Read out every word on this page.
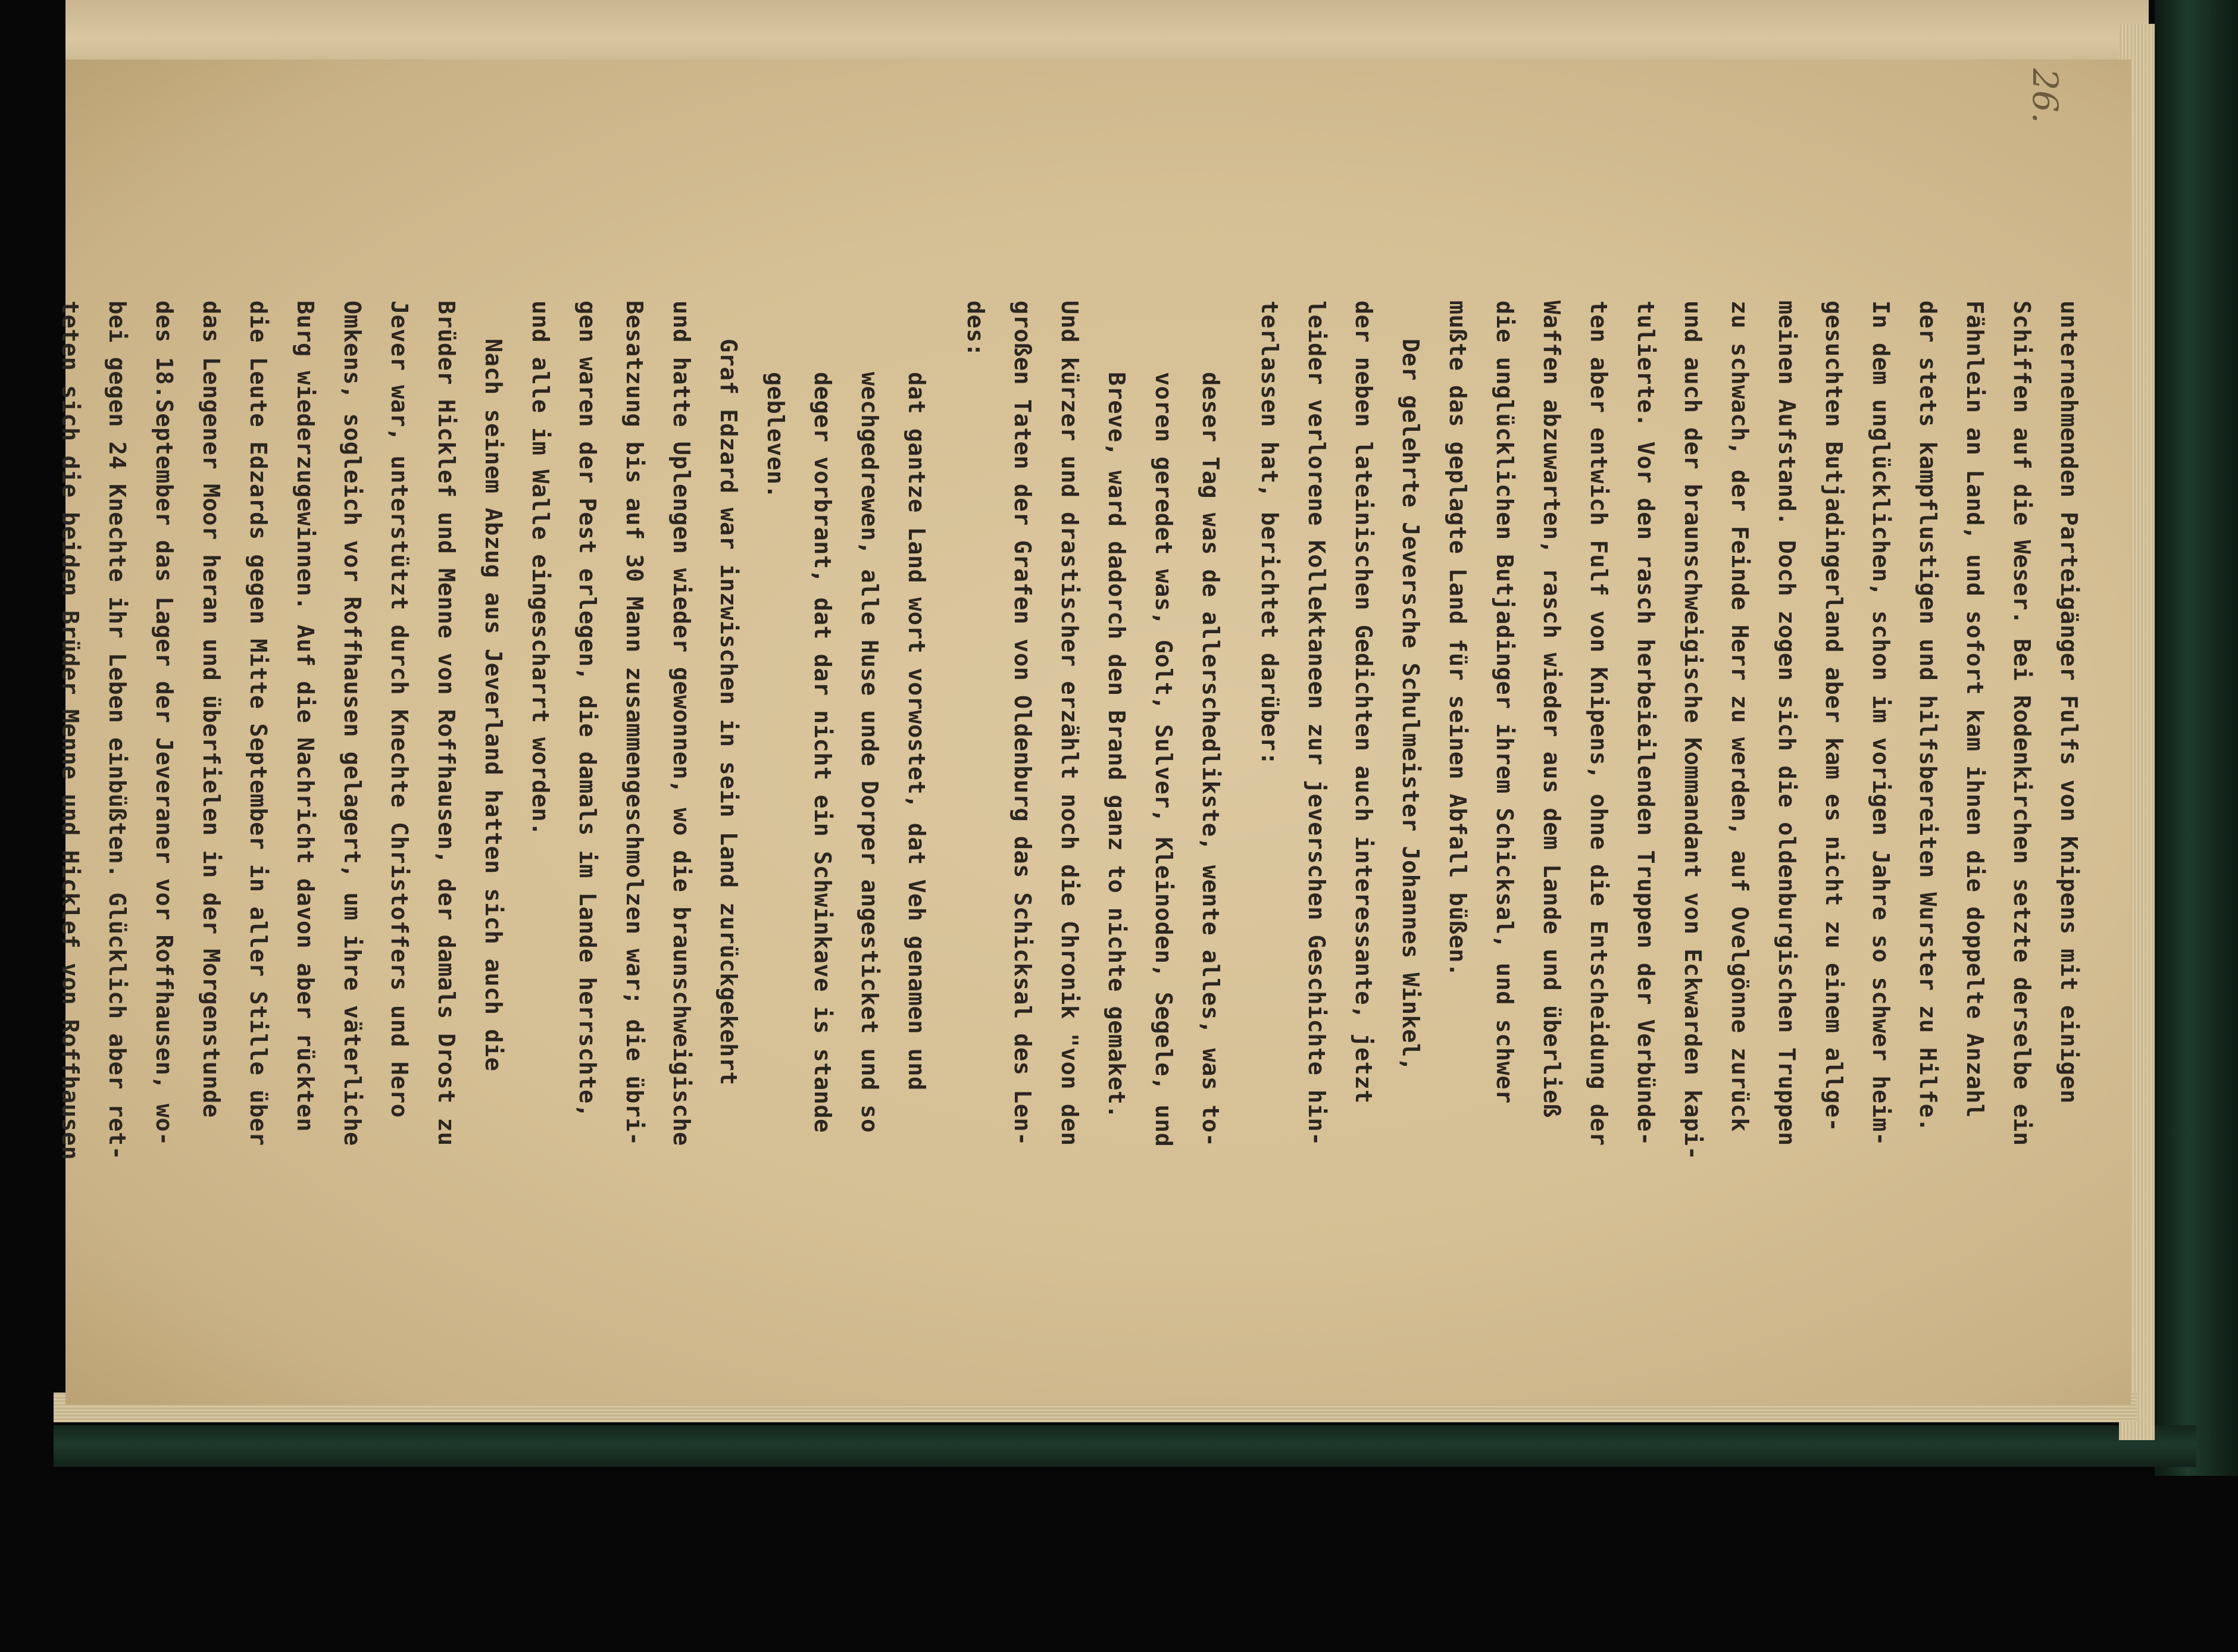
26.
unternehmenden Parteigänger Fulfs von Knipens mit einigen
Schiffen auf die Weser. Bei Rodenkirchen setzte derselbe ein
Fähnlein an Land, und sofort kam ihnen die doppelte Anzahl
der stets kampflustigen und hilfsbereiten Wurster zu Hilfe.
In dem unglücklichen, schon im vorigen Jahre so schwer heim-
gesuchten Butjadingerland aber kam es nicht zu einem allge-
meinen Aufstand. Doch zogen sich die oldenburgischen Truppen
zu schwach, der Feinde Herr zu werden, auf Ovelgönne zurück
und auch der braunschweigische Kommandant von Eckwarden kapi-
tulierte. Vor den rasch herbeieilenden Truppen der Verbünde-
ten aber entwich Fulf von Knipens, ohne die Entscheidung der
Waffen abzuwarten, rasch wieder aus dem Lande und überließ
die unglücklichen Butjadinger ihrem Schicksal, und schwer
mußte das geplagte Land für seinen Abfall büßen.
Der gelehrte Jeversche Schulmeister Johannes Winkel,
der neben lateinischen Gedichten auch interessante, jetzt
leider verlorene Kollektaneen zur jeverschen Geschichte hin-
terlassen hat, berichtet darüber:
deser Tag was de allerschedlikste, wente alles, was to-
voren geredet was, Golt, Sulver, Kleinoden, Segele, und
Breve, ward dadorch den Brand ganz to nichte gemaket.
Und kürzer und drastischer erzählt noch die Chronik "von den
großen Taten der Grafen von Oldenburg das Schicksal des Len-
des:
dat gantze Land wort vorwostet, dat Veh genamen und
wechgedrewen, alle Huse unde Dorper angesticket und so
deger vorbrant, dat dar nicht ein Schwinkave is stande
gebleven.
Graf Edzard war inzwischen in sein Land zurückgekehrt
und hatte Uplengen wieder gewonnen, wo die braunschweigische
Besatzung bis auf 30 Mann zusammengeschmolzen war; die übri-
gen waren der Pest erlegen, die damals im Lande herrschte,
und alle im Walle eingescharrt worden.
Nach seinem Abzug aus Jeverland hatten sich auch die
Brüder Hicklef und Menne von Roffhausen, der damals Drost zu
Jever war, unterstützt durch Knechte Christoffers und Hero
Omkens, sogleich vor Roffhausen gelagert, um ihre väterliche
Burg wiederzugewinnen. Auf die Nachricht davon aber rückten
die Leute Edzards gegen Mitte September in aller Stille über
das Lengener Moor heran und überfielen in der Morgenstunde
des 18.September das Lager der Jeveraner vor Roffhausen, wo-
bei gegen 24 Knechte ihr Leben einbüßten. Glücklich aber ret-
teten sich die beiden Brüder Menne und Hicklef von Roffhausen
